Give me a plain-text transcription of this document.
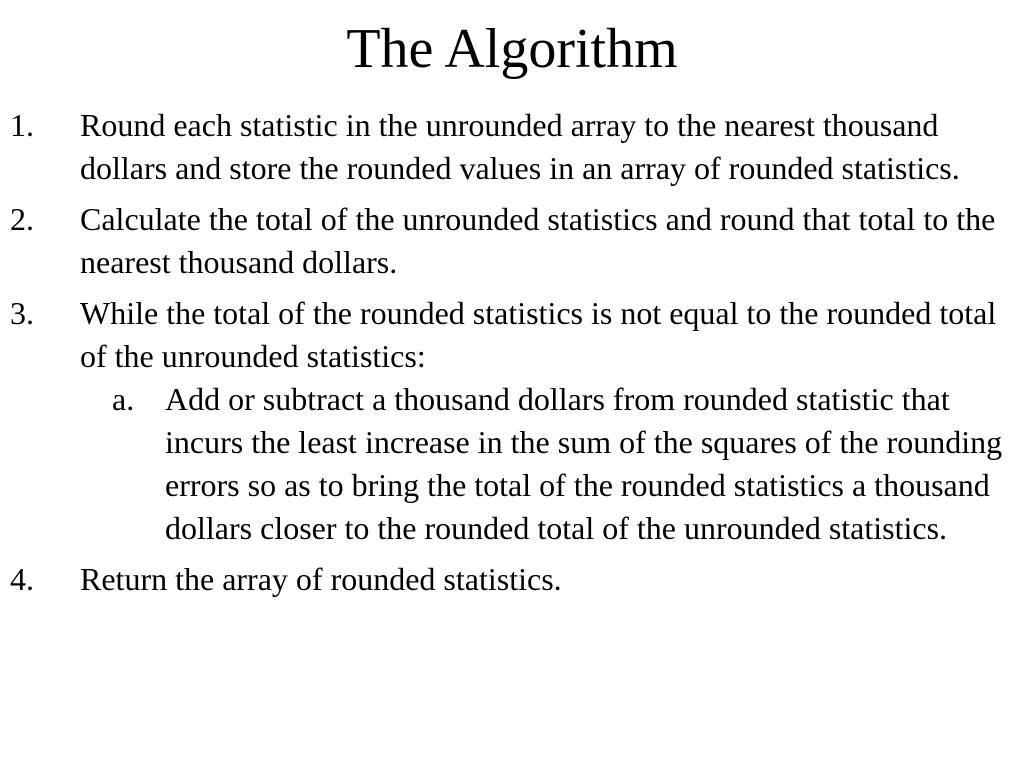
The Algorithm
1. Round each statistic in the unrounded array to the nearest thousand dollars and store the rounded values in an array of rounded statistics.
2. Calculate the total of the unrounded statistics and round that total to the nearest thousand dollars.
3. While the total of the rounded statistics is not equal to the rounded total of the unrounded statistics:
a. Add or subtract a thousand dollars from rounded statistic that incurs the least increase in the sum of the squares of the rounding errors so as to bring the total of the rounded statistics a thousand dollars closer to the rounded total of the unrounded statistics.
4. Return the array of rounded statistics.
